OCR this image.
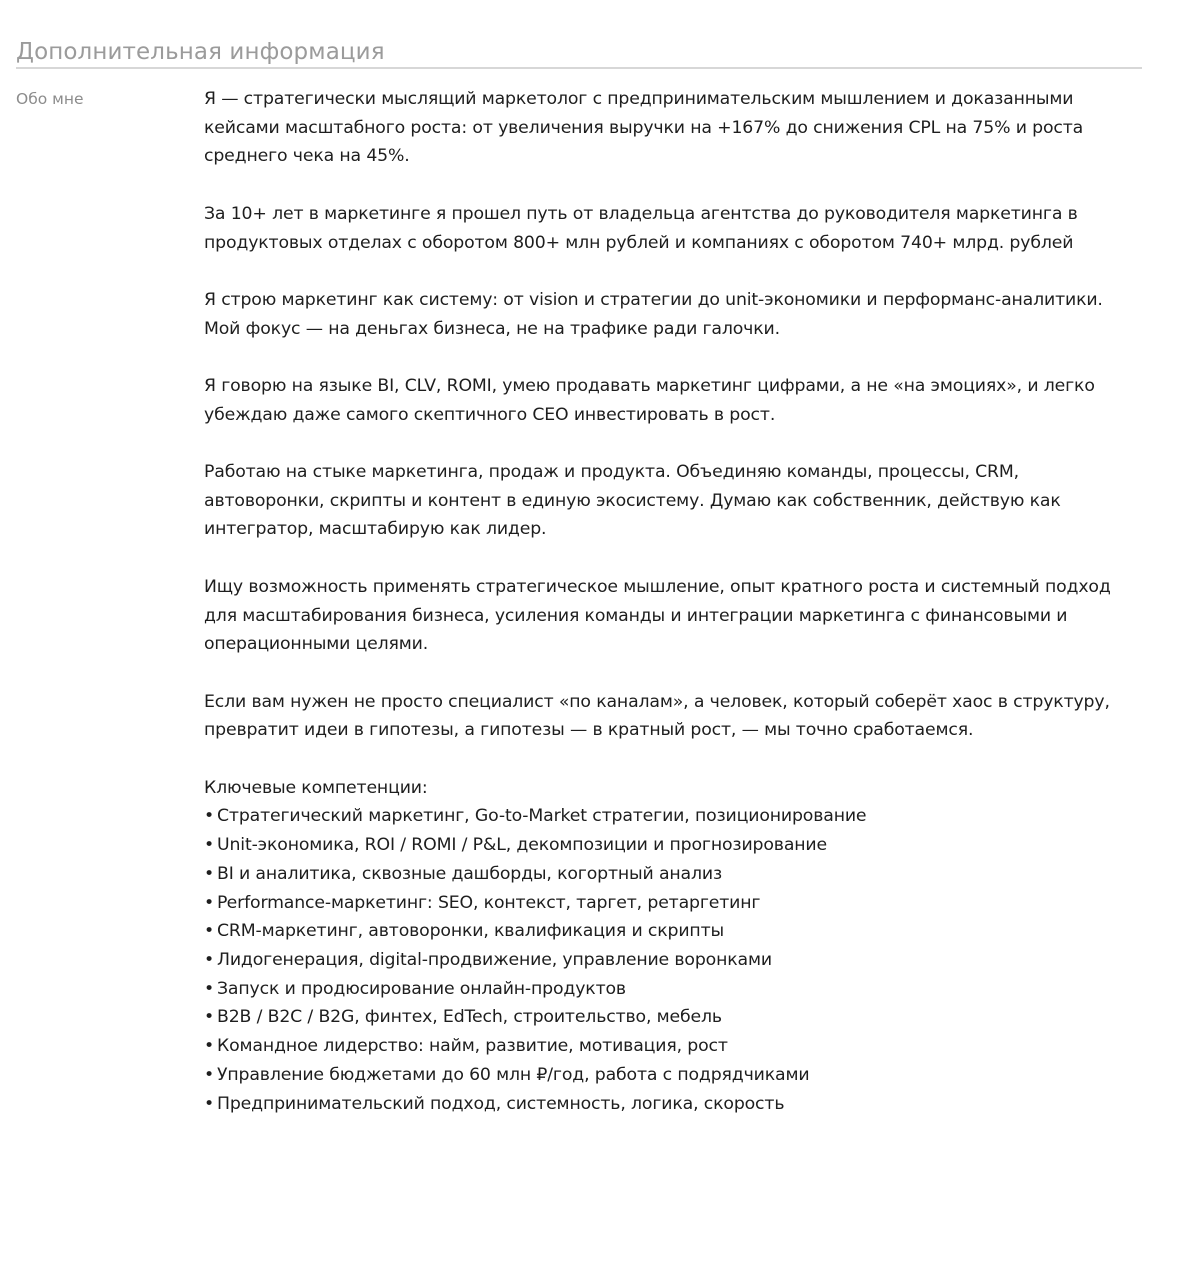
Дополнительная информация
Обо мне	Я — стратегически мыслящий маркетолог с предпринимательским мышлением и доказанными кейсами масштабного роста: от увеличения выручки на +167% до снижения CPL на 75% и роста среднего чека на 45%.

За 10+ лет в маркетинге я прошел путь от владельца агентства до руководителя маркетинга в продуктовых отделах с оборотом 800+ млн рублей и компаниях с оборотом 740+ млрд. рублей

Я строю маркетинг как систему: от vision и стратегии до unit-экономики и перформанс-аналитики. Мой фокус — на деньгах бизнеса, не на трафике ради галочки.

Я говорю на языке BI, CLV, ROMI, умею продавать маркетинг цифрами, а не «на эмоциях», и легко убеждаю даже самого скептичного CEO инвестировать в рост.

Работаю на стыке маркетинга, продаж и продукта. Объединяю команды, процессы, CRM, автоворонки, скрипты и контент в единую экосистему. Думаю как собственник, действую как интегратор, масштабирую как лидер.

Ищу возможность применять стратегическое мышление, опыт кратного роста и системный подход для масштабирования бизнеса, усиления команды и интеграции маркетинга с финансовыми и операционными целями.

Если вам нужен не просто специалист «по каналам», а человек, который соберёт хаос в структуру, превратит идеи в гипотезы, а гипотезы — в кратный рост, — мы точно сработаемся.

Ключевые компетенции:

• Стратегический маркетинг, Go-to-Market стратегии, позиционирование
• Unit-экономика, ROI / ROMI / P&L, декомпозиции и прогнозирование
• BI и аналитика, сквозные дашборды, когортный анализ
• Performance-маркетинг: SEO, контекст, таргет, ретаргетинг
• CRM-маркетинг, автоворонки, квалификация и скрипты
• Лидогенерация, digital-продвижение, управление воронками
• Запуск и продюсирование онлайн-продуктов
• B2B / B2C / B2G, финтех, EdTech, строительство, мебель
• Командное лидерство: найм, развитие, мотивация, рост
• Управление бюджетами до 60 млн ₽/год, работа с подрядчиками
• Предпринимательский подход, системность, логика, скорость
